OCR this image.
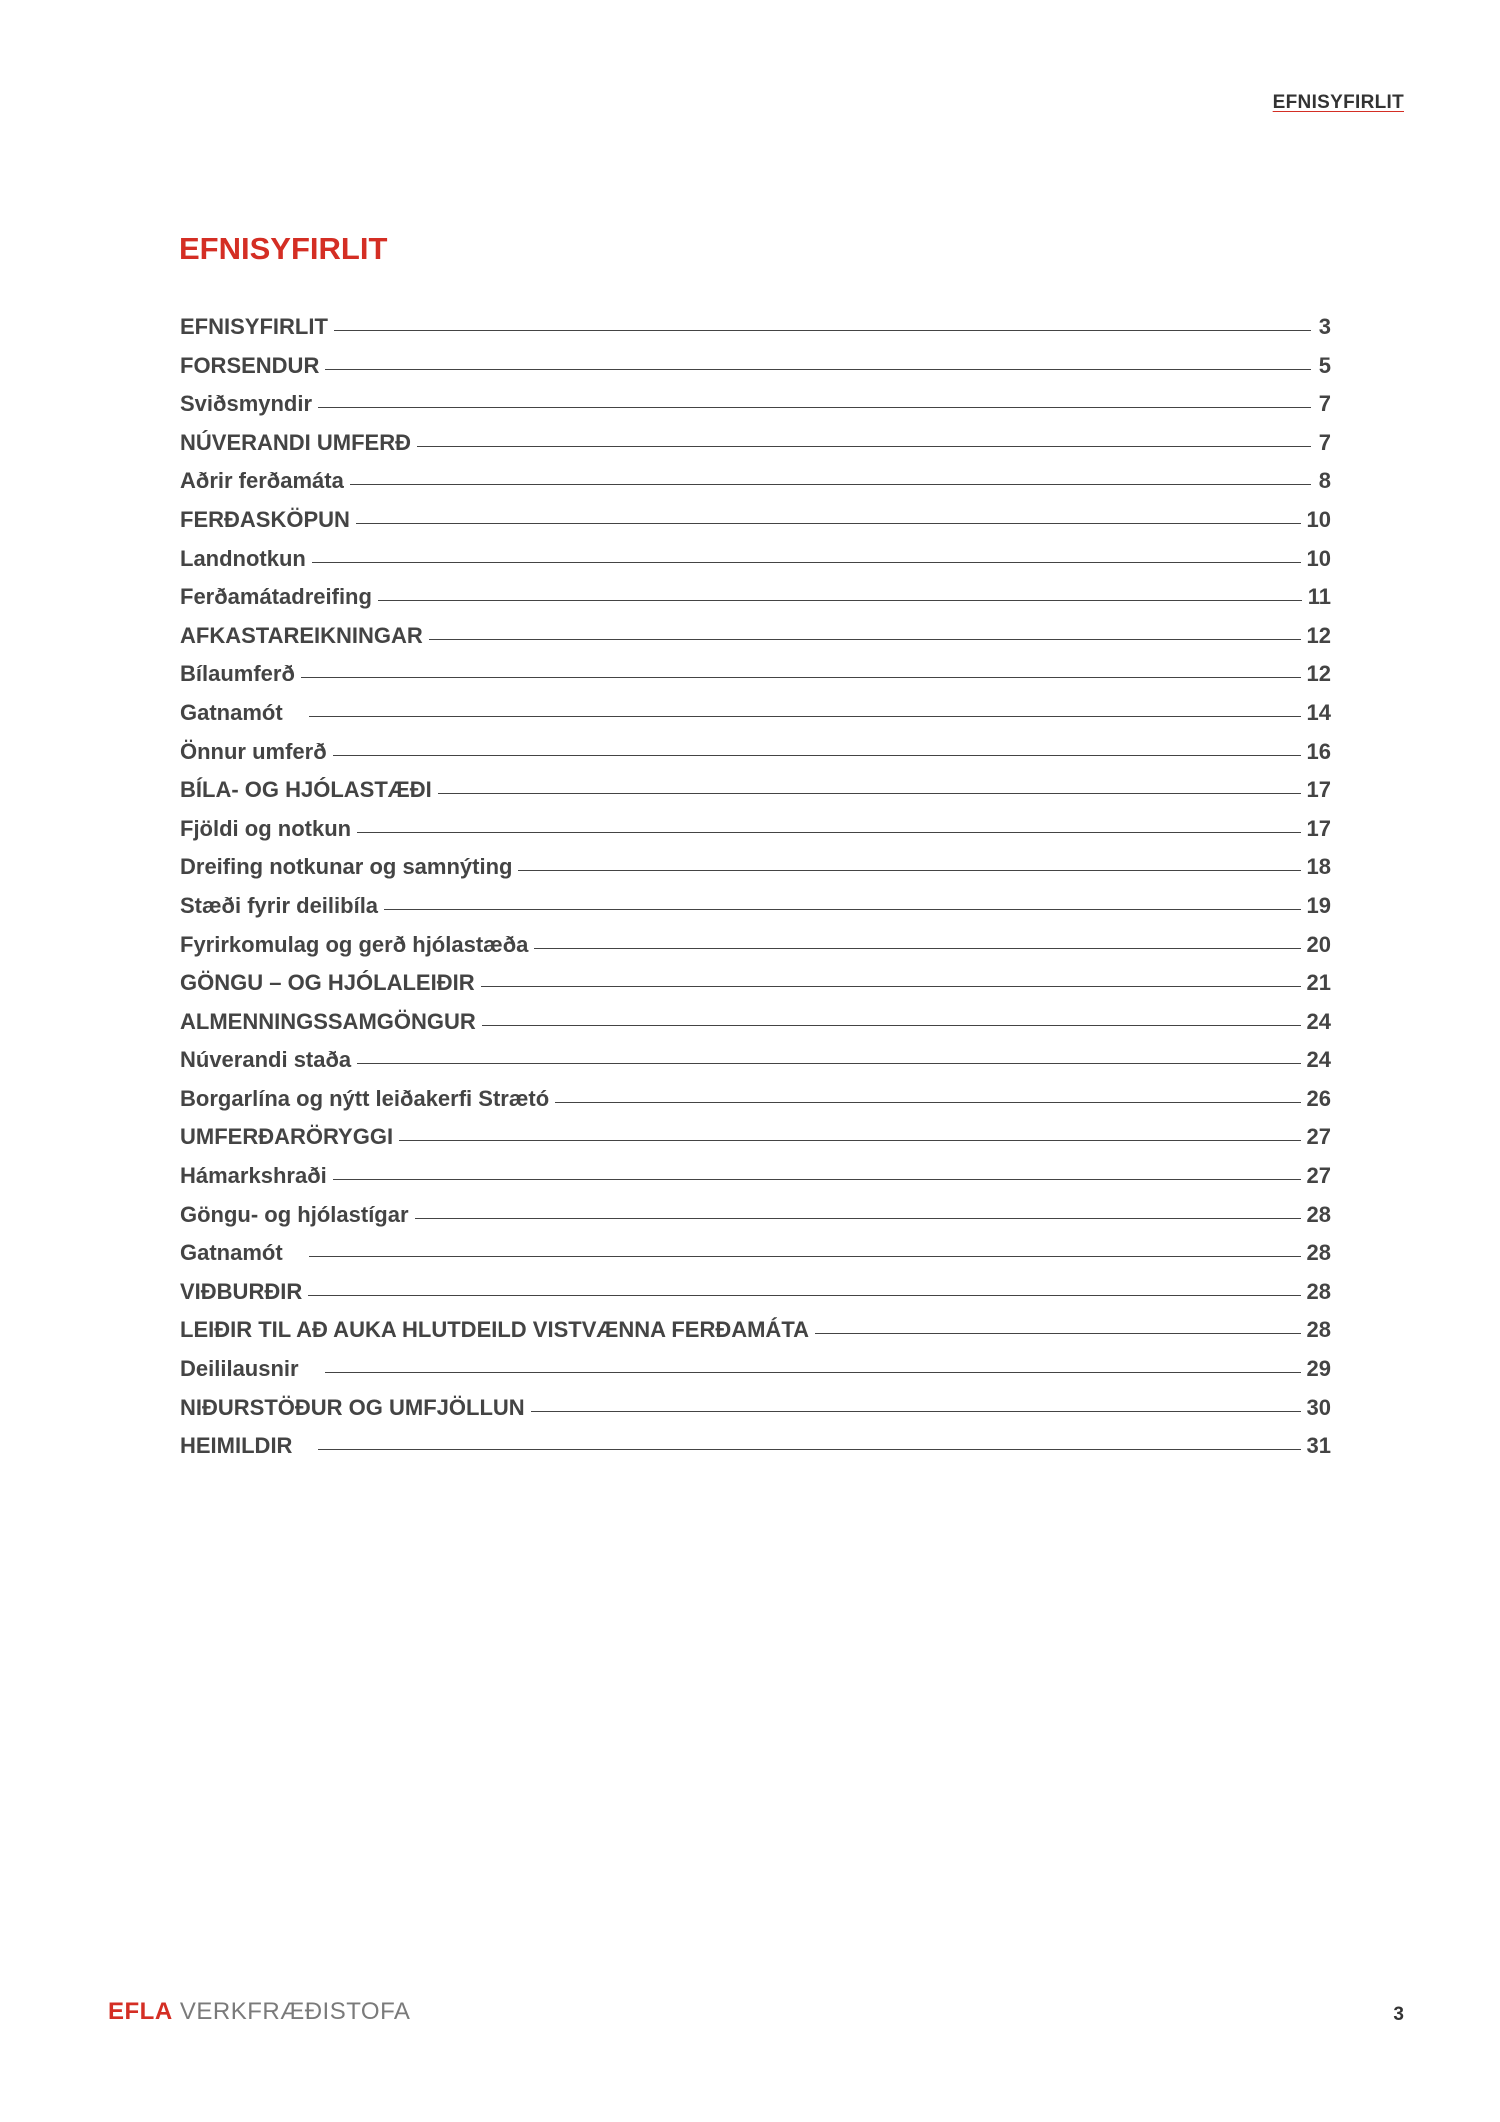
EFNISYFIRLIT
EFNISYFIRLIT
EFNISYFIRLIT	3
FORSENDUR	5
Sviðsmyndir	7
NÚVERANDI UMFERÐ	7
Aðrir ferðamáta	8
FERÐASKÖPUN	10
Landnotkun	10
Ferðamátadreifing	11
AFKASTAREIKNINGAR	12
Bílaumferð	12
Gatnamót	14
Önnur umferð	16
BÍLA- OG HJÓLASTÆÐI	17
Fjöldi og notkun	17
Dreifing notkunar og samnýting	18
Stæði fyrir deilibíla	19
Fyrirkomulag og gerð hjólastæða	20
GÖNGU – OG HJÓLALEIÐIR	21
ALMENNINGSSAMGÖNGUR	24
Núverandi staða	24
Borgarlína og nýtt leiðakerfi Strætó	26
UMFERÐARÖRYGGI	27
Hámarkshraði	27
Göngu- og hjólastígar	28
Gatnamót	28
VIÐBURÐIR	28
LEIÐIR TIL AÐ AUKA HLUTDEILD VISTVÆNNA FERÐAMÁTA	28
Deililausnir	29
NIÐURSTÖÐUR OG UMFJÖLLUN	30
HEIMILDIR	31
EFLA VERKFRÆÐISTOFA	3
